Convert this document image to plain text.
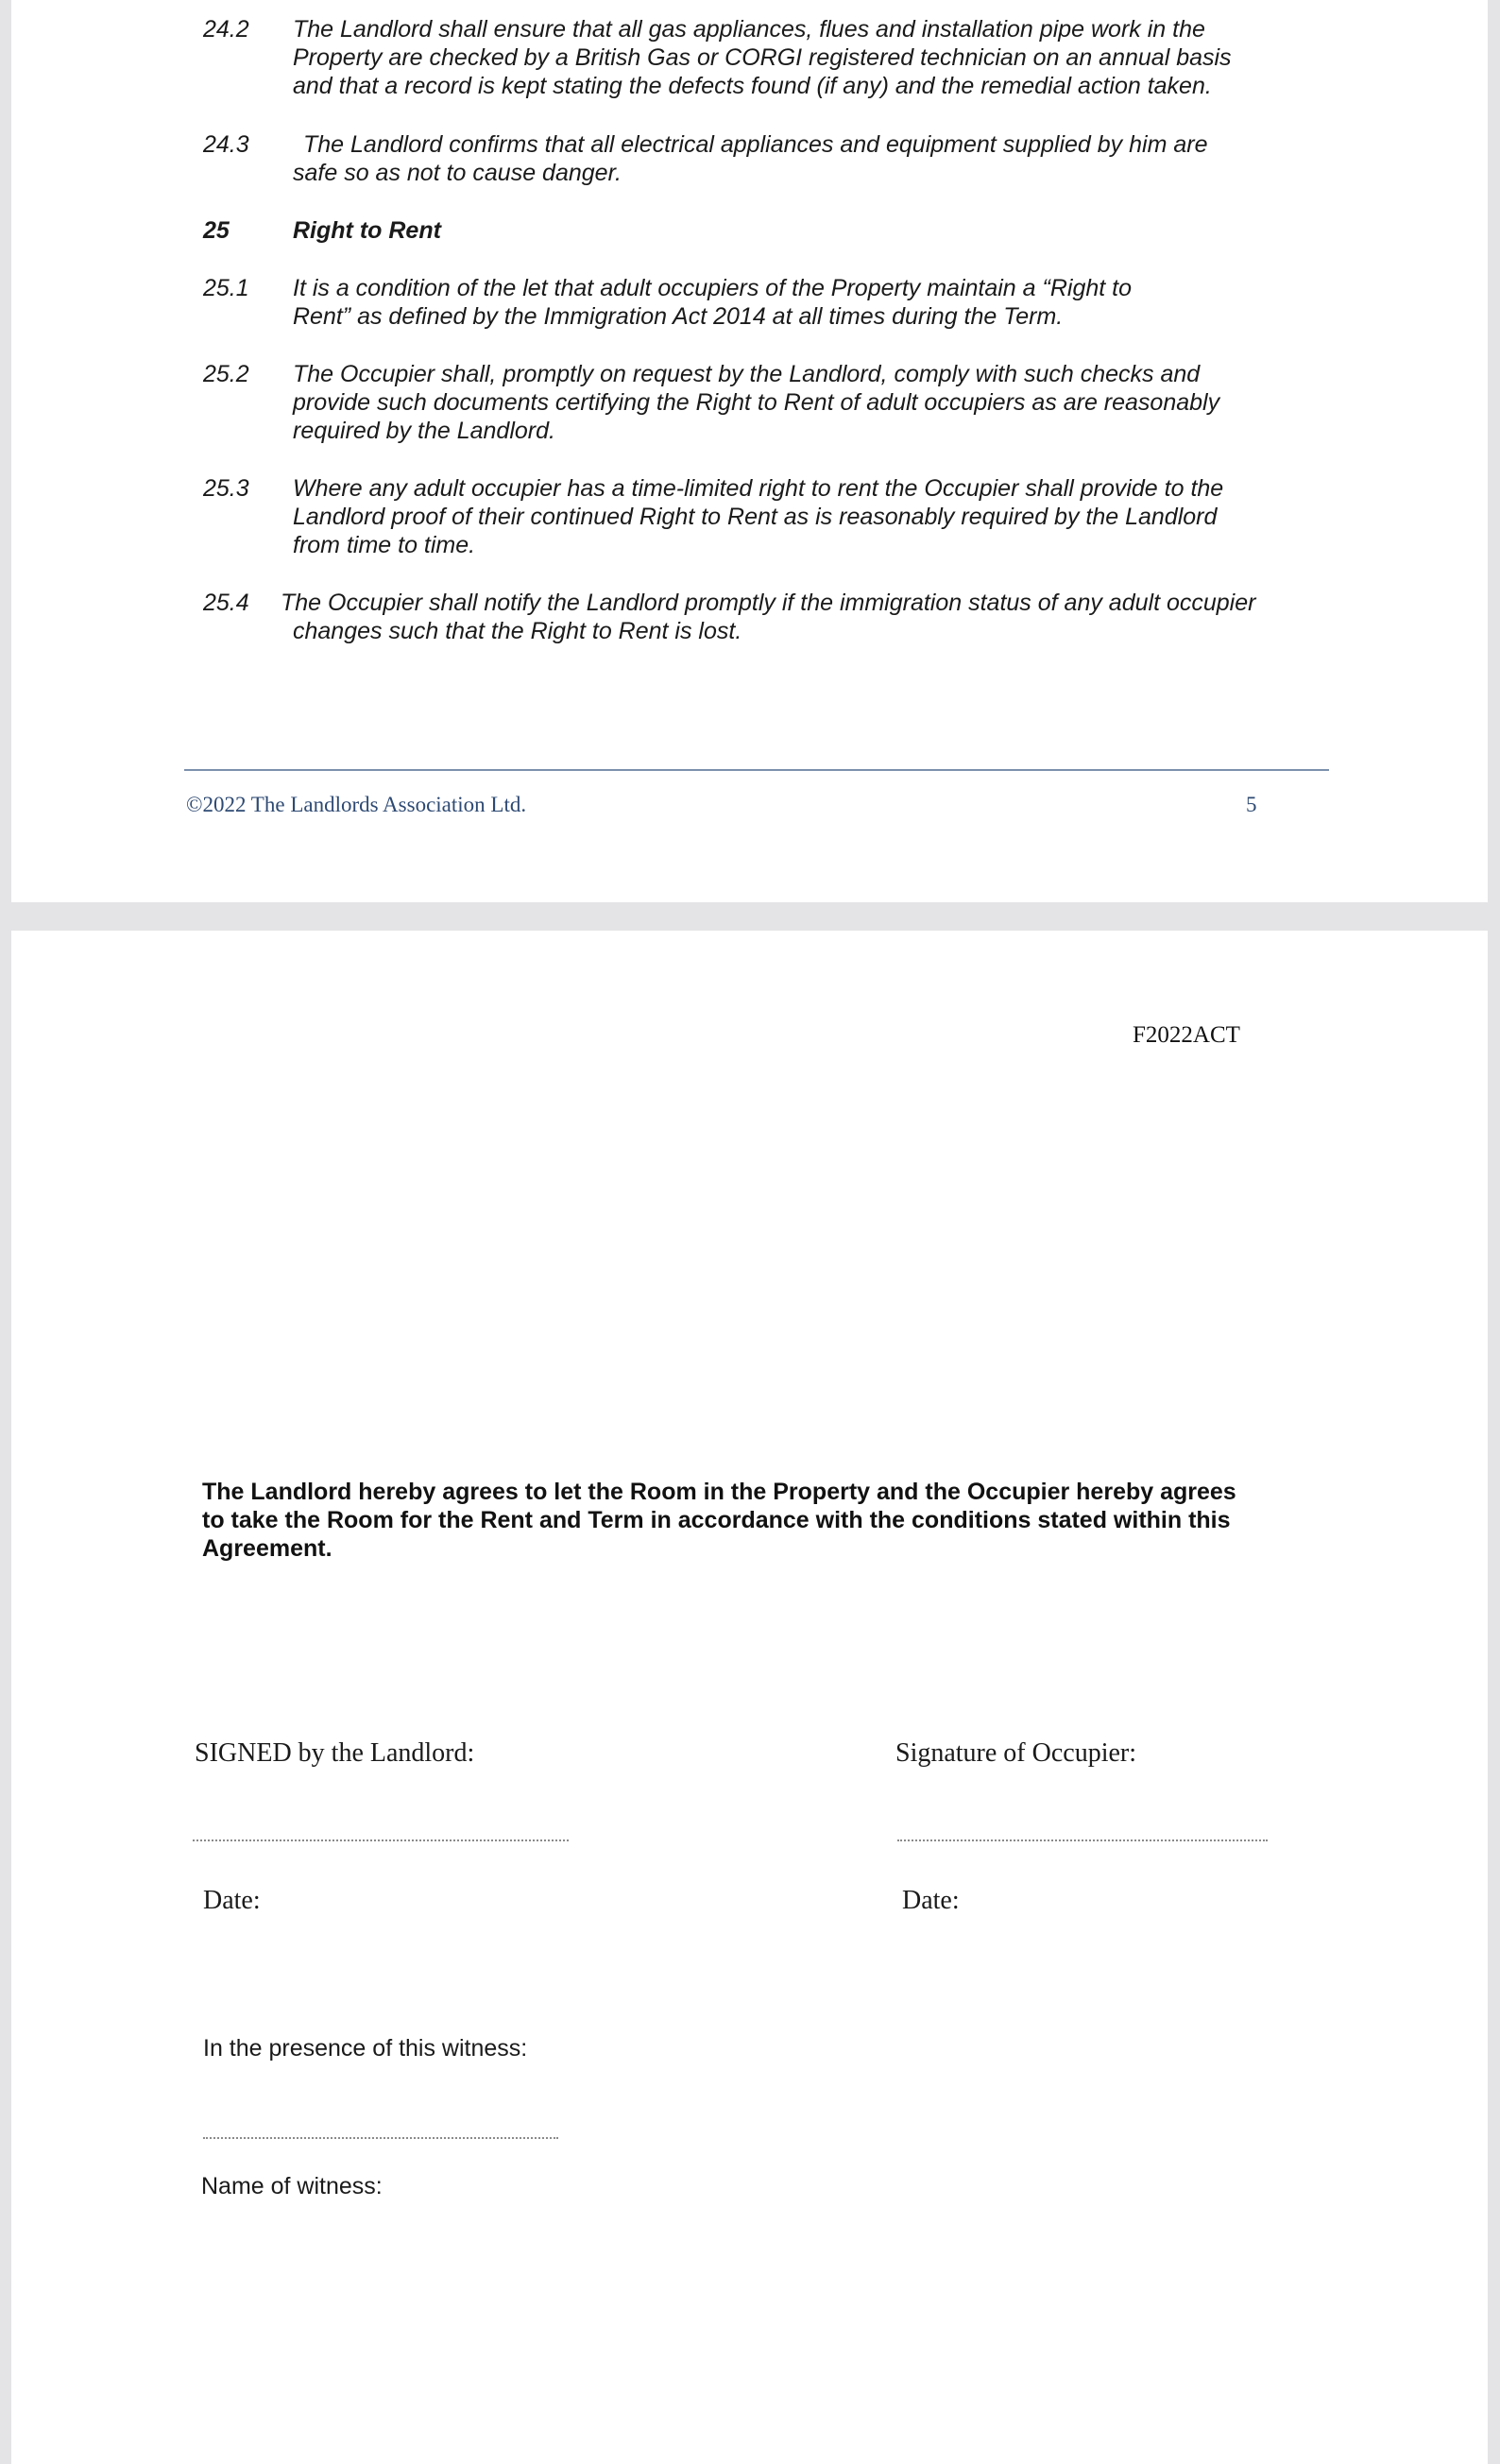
24.2 The Landlord shall ensure that all gas appliances, flues and installation pipe work in the
Property are checked by a British Gas or CORGI registered technician on an annual basis
and that a record is kept stating the defects found (if any) and the remedial action taken.
24.3 The Landlord confirms that all electrical appliances and equipment supplied by him are
safe so as not to cause danger.
25	Right to Rent
25.1 It is a condition of the let that adult occupiers of the Property maintain a “Right to
Rent” as defined by the Immigration Act 2014 at all times during the Term.
25.2 The Occupier shall, promptly on request by the Landlord, comply with such checks and
provide such documents certifying the Right to Rent of adult occupiers as are reasonably
required by the Landlord.
25.3 Where any adult occupier has a time-limited right to rent the Occupier shall provide to the
Landlord proof of their continued Right to Rent as is reasonably required by the Landlord
from time to time.
25.4 The Occupier shall notify the Landlord promptly if the immigration status of any adult occupier
changes such that the Right to Rent is lost.
©2022 The Landlords Association Ltd.	5
F2022ACT
The Landlord hereby agrees to let the Room in the Property and the Occupier hereby agrees
to take the Room for the Rent and Term in accordance with the conditions stated within this
Agreement.
SIGNED by the Landlord:	Signature of Occupier:
Date:	Date:
In the presence of this witness:
Name of witness:
